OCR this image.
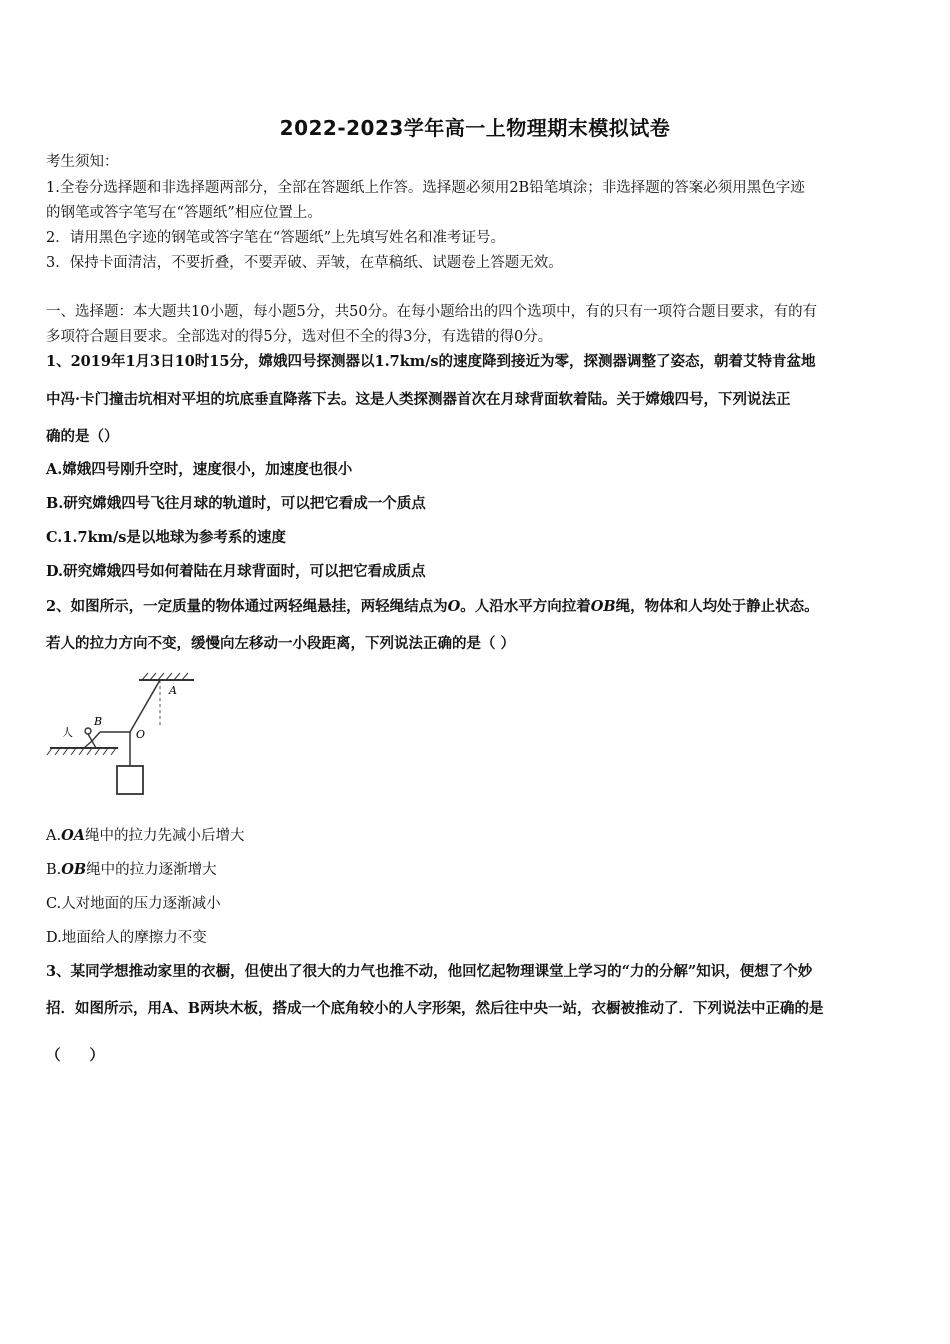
2022-2023学年高一上物理期末模拟试卷
考生须知：
1.全卷分选择题和非选择题两部分，全部在答题纸上作答。选择题必须用2B铅笔填涂；非选择题的答案必须用黑色字迹
的钢笔或答字笔写在“答题纸”相应位置上。
2．请用黑色字迹的钢笔或答字笔在“答题纸”上先填写姓名和准考证号。
3．保持卡面清洁，不要折叠，不要弄破、弄皱，在草稿纸、试题卷上答题无效。
一、选择题：本大题共10小题，每小题5分，共50分。在每小题给出的四个选项中，有的只有一项符合题目要求，有的有
多项符合题目要求。全部选对的得5分，选对但不全的得3分，有选错的得0分。
1、2019年1月3日10时15分，嫦娥四号探测器以1.7km/s的速度降到接近为零，探测器调整了姿态，朝着艾特肯盆地
中冯·卡门撞击坑相对平坦的坑底垂直降落下去。这是人类探测器首次在月球背面软着陆。关于嫦娥四号，下列说法正
确的是（）
A.嫦娥四号刚升空时，速度很小，加速度也很小
B.研究嫦娥四号飞往月球的轨道时，可以把它看成一个质点
C.1.7km/s是以地球为参考系的速度
D.研究嫦娥四号如何着陆在月球背面时，可以把它看成质点
2、如图所示，一定质量的物体通过两轻绳悬挂，两轻绳结点为O。人沿水平方向拉着OB绳，物体和人均处于静止状态。
若人的拉力方向不变，缓慢向左移动一小段距离，下列说法正确的是（ ）
A
O
人
B
A.OA绳中的拉力先减小后增大
B.OB绳中的拉力逐渐增大
C.人对地面的压力逐渐减小
D.地面给人的摩擦力不变
3、某同学想推动家里的衣橱，但使出了很大的力气也推不动，他回忆起物理课堂上学习的“力的分解”知识，便想了个妙
招．如图所示，用A、B两块木板，搭成一个底角较小的人字形架，然后往中央一站，衣橱被推动了．下列说法中正确的是
（　　）
